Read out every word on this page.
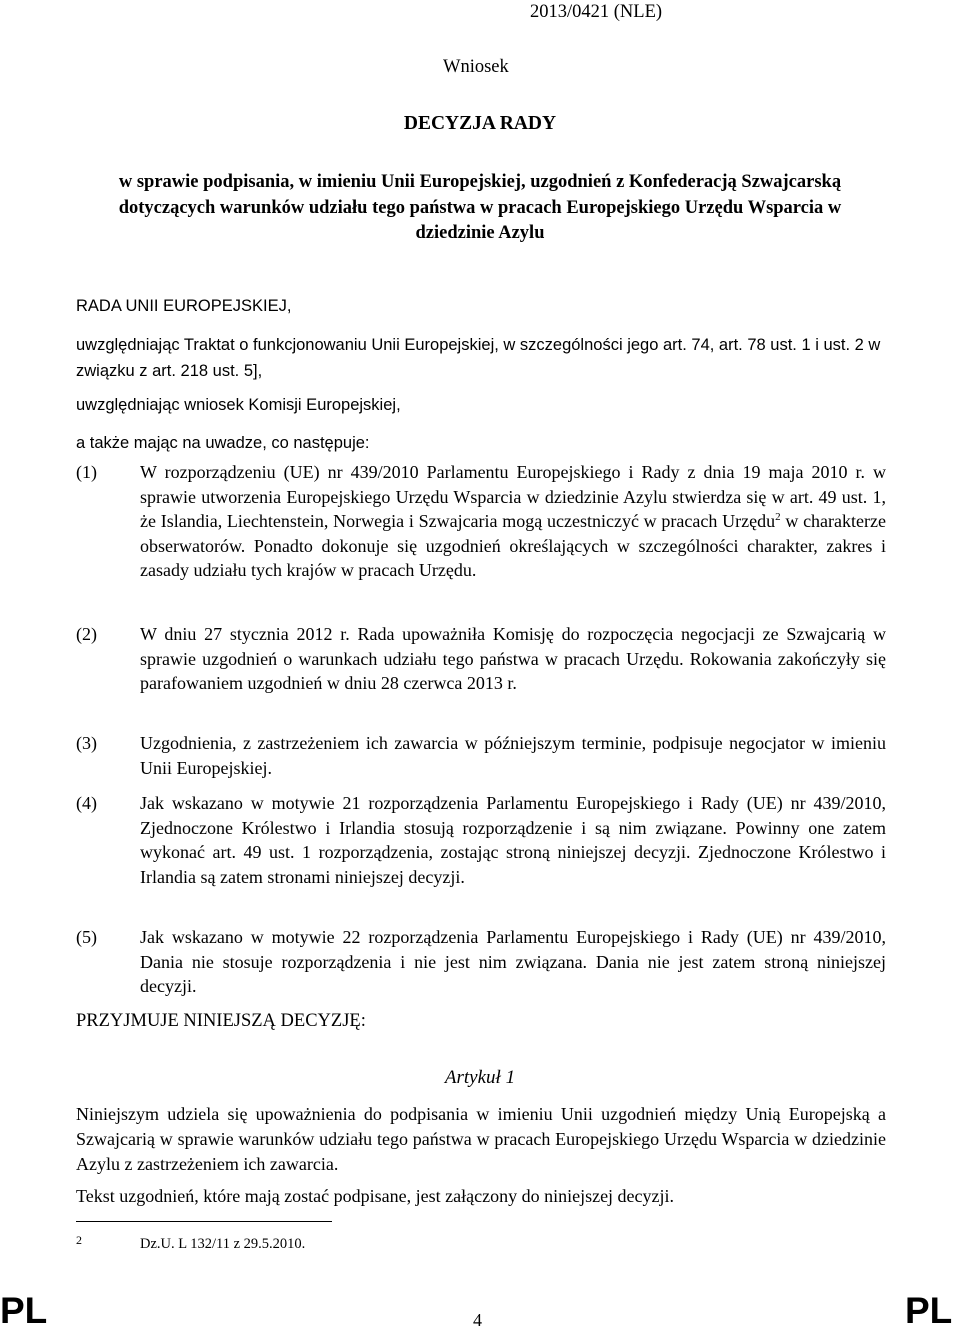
2013/0421 (NLE)
Wniosek
DECYZJA RADY
w sprawie podpisania, w imieniu Unii Europejskiej, uzgodnień z Konfederacją Szwajcarską dotyczących warunków udziału tego państwa w pracach Europejskiego Urzędu Wsparcia w dziedzinie Azylu
RADA UNII EUROPEJSKIEJ,
uwzględniając Traktat o funkcjonowaniu Unii Europejskiej, w szczególności jego art. 74, art. 78 ust. 1 i ust. 2 w związku z art. 218 ust. 5],
uwzględniając wniosek Komisji Europejskiej,
a także mając na uwadze, co następuje:
(1)	W rozporządzeniu (UE) nr 439/2010 Parlamentu Europejskiego i Rady z dnia 19 maja 2010 r. w sprawie utworzenia Europejskiego Urzędu Wsparcia w dziedzinie Azylu stwierdza się w art. 49 ust. 1, że Islandia, Liechtenstein, Norwegia i Szwajcaria mogą uczestniczyć w pracach Urzędu$^2$ w charakterze obserwatorów. Ponadto dokonuje się uzgodnień określających w szczególności charakter, zakres i zasady udziału tych krajów w pracach Urzędu.
(2)	W dniu 27 stycznia 2012 r. Rada upoważniła Komisję do rozpoczęcia negocjacji ze Szwajcarią w sprawie uzgodnień o warunkach udziału tego państwa w pracach Urzędu. Rokowania zakończyły się parafowaniem uzgodnień w dniu 28 czerwca 2013 r.
(3)	Uzgodnienia, z zastrzeżeniem ich zawarcia w późniejszym terminie, podpisuje negocjator w imieniu Unii Europejskiej.
(4)	Jak wskazano w motywie 21 rozporządzenia Parlamentu Europejskiego i Rady (UE) nr 439/2010, Zjednoczone Królestwo i Irlandia stosują rozporządzenie i są nim związane. Powinny one zatem wykonać art. 49 ust. 1 rozporządzenia, zostając stroną niniejszej decyzji. Zjednoczone Królestwo i Irlandia są zatem stronami niniejszej decyzji.
(5)	Jak wskazano w motywie 22 rozporządzenia Parlamentu Europejskiego i Rady (UE) nr 439/2010, Dania nie stosuje rozporządzenia i nie jest nim związana. Dania nie jest zatem stroną niniejszej decyzji.
PRZYJMUJE NINIEJSZĄ DECYZJĘ:
Artykuł 1
Niniejszym udziela się upoważnienia do podpisania w imieniu Unii uzgodnień między Unią Europejską a Szwajcarią w sprawie warunków udziału tego państwa w pracach Europejskiego Urzędu Wsparcia w dziedzinie Azylu z zastrzeżeniem ich zawarcia.
Tekst uzgodnień, które mają zostać podpisane, jest załączony do niniejszej decyzji.
2	Dz.U. L 132/11 z 29.5.2010.
PL	4	PL
